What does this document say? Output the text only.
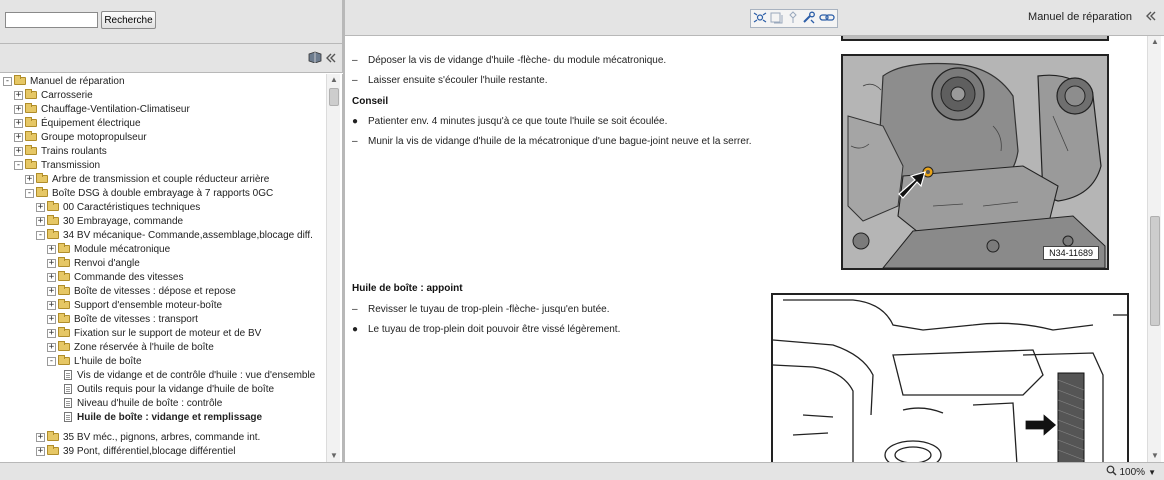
Recherche
- Manuel de réparation
+ Carrosserie
+ Chauffage-Ventilation-Climatiseur
+ Équipement électrique
+ Groupe motopropulseur
+ Trains roulants
- Transmission
+ Arbre de transmission et couple réducteur arrière
- Boîte DSG à double embrayage à 7 rapports 0GC
+ 00 Caractéristiques techniques
+ 30 Embrayage, commande
- 34 BV mécanique- Commande,assemblage,blocage diff.
+ Module mécatronique
+ Renvoi d'angle
+ Commande des vitesses
+ Boîte de vitesses : dépose et repose
+ Support d'ensemble moteur-boîte
+ Boîte de vitesses : transport
+ Fixation sur le support de moteur et de BV
+ Zone réservée à l'huile de boîte
- L'huile de boîte
Vis de vidange et de contrôle d'huile : vue d'ensemble
Outils requis pour la vidange d'huile de boîte
Niveau d'huile de boîte : contrôle
Huile de boîte : vidange et remplissage
+ 35 BV méc., pignons, arbres, commande int.
+ 39 Pont, différentiel,blocage différentiel
▲
▼
Manuel de réparation
– Déposer la vis de vidange d'huile -flèche- du module mécatronique.
– Laisser ensuite s'écouler l'huile restante.
Conseil
● Patienter env. 4 minutes jusqu'à ce que toute l'huile se soit écoulée.
– Munir la vis de vidange d'huile de la mécatronique d'une bague-joint neuve et la serrer.
Huile de boîte : appoint
– Revisser le tuyau de trop-plein -flèche- jusqu'en butée.
● Le tuyau de trop-plein doit pouvoir être vissé légèrement.
N34-11689
▲
▼
100% ▼
